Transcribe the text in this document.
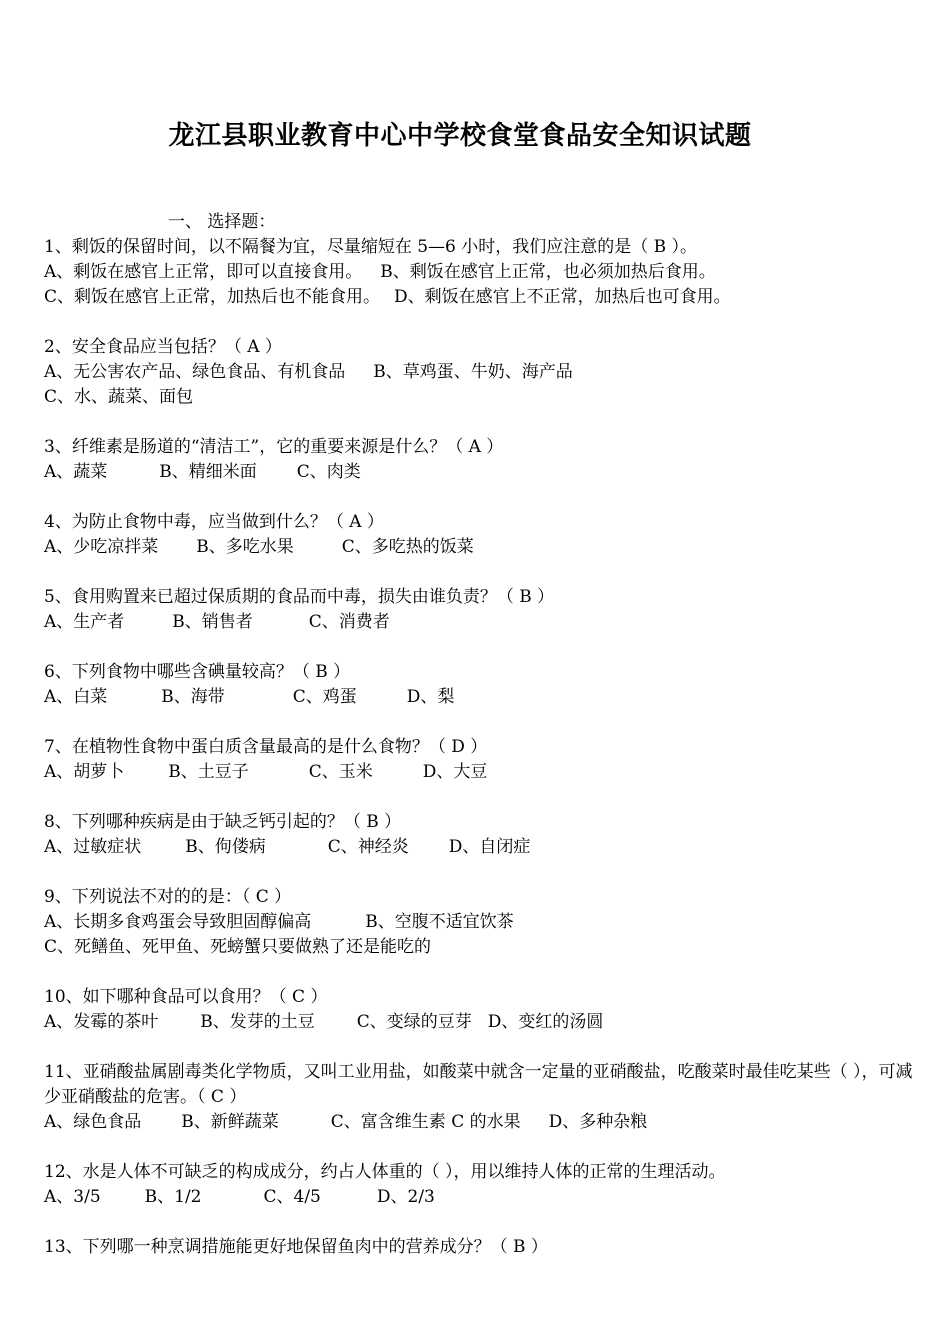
龙江县职业教育中心中学校食堂食品安全知识试题
一、 选择题：
1、剩饭的保留时间，以不隔餐为宜，尽量缩短在 5—6 小时，我们应注意的是（ B ）。
A、剩饭在感官上正常，即可以直接食用。 B、剩饭在感官上正常，也必须加热后食用。
C、剩饭在感官上正常，加热后也不能食用。 D、剩饭在感官上不正常，加热后也可食用。
2、安全食品应当包括？（ A ）
A、无公害农产品、绿色食品、有机食品 B、草鸡蛋、牛奶、海产品
C、水、蔬菜、面包
3、纤维素是肠道的“清洁工”，它的重要来源是什么？（ A ）
A、蔬菜	B、精细米面 C、肉类
4、为防止食物中毒，应当做到什么？（ A ）
A、少吃凉拌菜 B、多吃水果	C、多吃热的饭菜
5、食用购置来已超过保质期的食品而中毒，损失由谁负责？（ B ）
A、生产者	B、销售者	C、消费者
6、下列食物中哪些含碘量较高？（ B ）
A、白菜	B、海带	C、鸡蛋	D、梨
7、在植物性食物中蛋白质含量最高的是什么食物？（ D ）
A、胡萝卜	B、土豆子	C、玉米	D、大豆
8、下列哪种疾病是由于缺乏钙引起的？（ B ）
A、过敏症状	B、佝偻病	C、神经炎 D、自闭症
9、下列说法不对的的是：（ C ）
A、长期多食鸡蛋会导致胆固醇偏高	B、空腹不适宜饮茶
C、死鳝鱼、死甲鱼、死螃蟹只要做熟了还是能吃的
10、如下哪种食品可以食用？（ C ）
A、发霉的茶叶 B、发芽的土豆 C、变绿的豆芽 D、变红的汤圆
11、亚硝酸盐属剧毒类化学物质，又叫工业用盐，如酸菜中就含一定量的亚硝酸盐，吃酸菜时最佳吃某些（ ），可减少亚硝酸盐的危害。（ C ）
A、绿色食品 B、新鲜蔬菜	C、富含维生素 C 的水果 D、多种杂粮
12、水是人体不可缺乏的构成成分，约占人体重的（ ），用以维持人体的正常的生理活动。
A、3/5	B、1/2	C、4/5	D、2/3
13、下列哪一种烹调措施能更好地保留鱼肉中的营养成分？（ B ）
